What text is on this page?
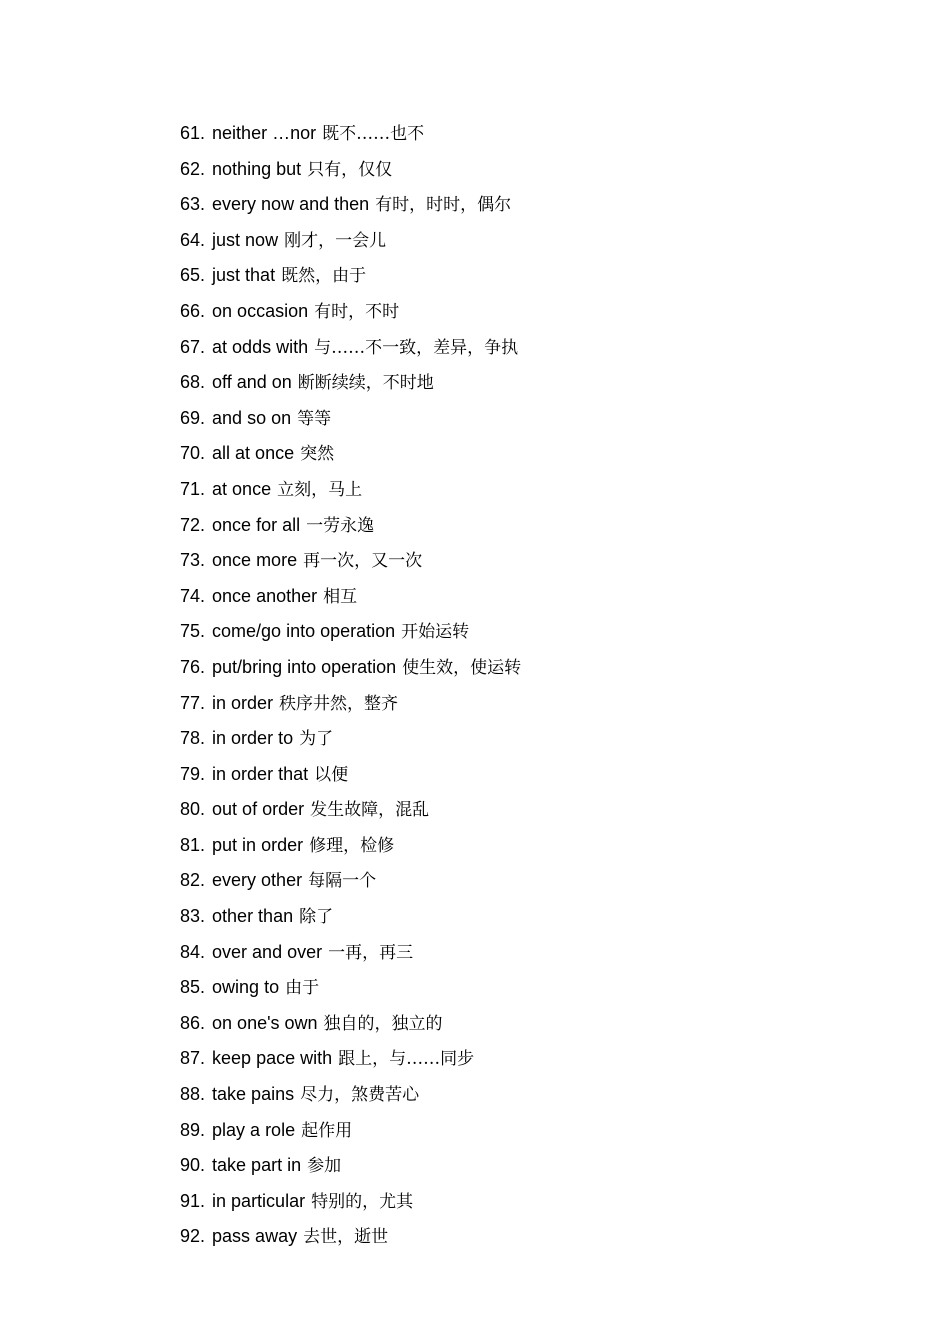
61. neither …nor 既不……也不
62. nothing but 只有，仅仅
63. every now and then 有时，时时，偶尔
64. just now 刚才，一会儿
65. just that 既然，由于
66. on occasion 有时，不时
67. at odds with 与……不一致，差异，争执
68. off and on 断断续续，不时地
69. and so on 等等
70. all at once 突然
71. at once 立刻，马上
72. once for all 一劳永逸
73. once more 再一次，又一次
74. once another 相互
75. come/go into operation 开始运转
76. put/bring into operation 使生效，使运转
77. in order 秩序井然，整齐
78. in order to 为了
79. in order that 以便
80. out of order 发生故障，混乱
81. put in order 修理，检修
82. every other 每隔一个
83. other than 除了
84. over and over 一再，再三
85. owing to 由于
86. on one's own 独自的，独立的
87. keep pace with 跟上，与……同步
88. take pains 尽力，煞费苦心
89. play a role 起作用
90. take part in 参加
91. in particular 特别的，尤其
92. pass away 去世，逝世
